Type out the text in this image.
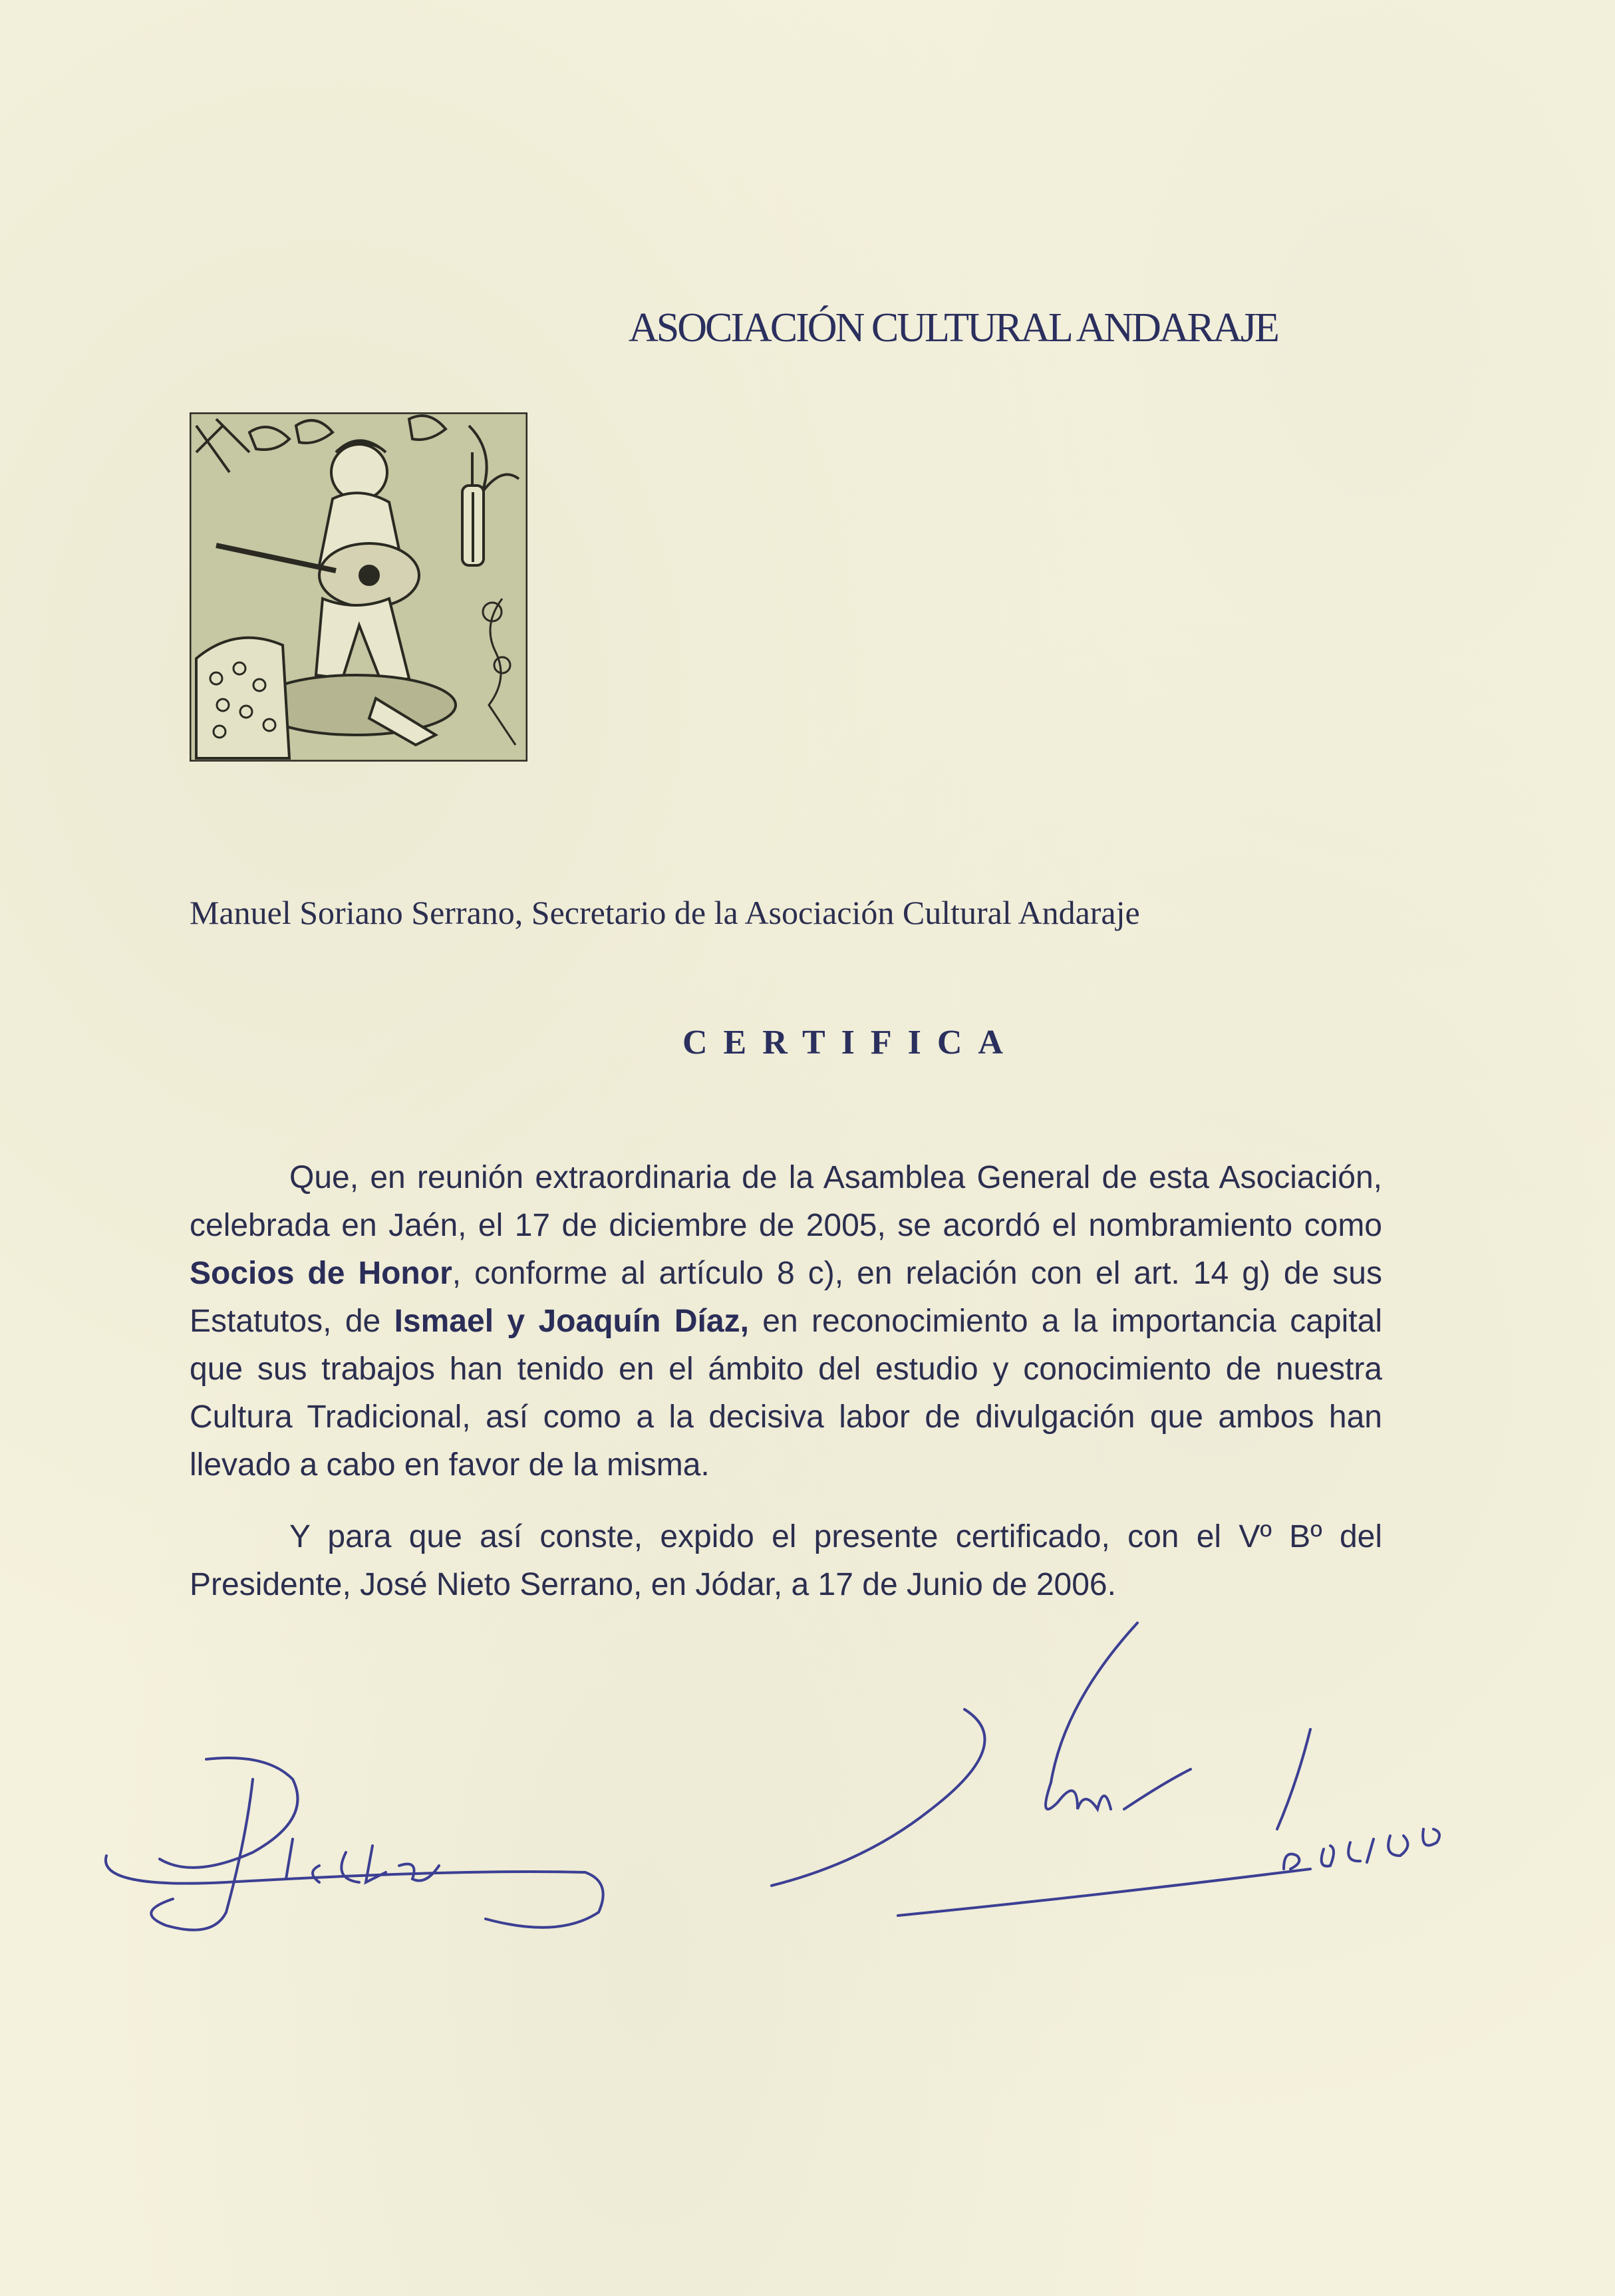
ASOCIACIÓN CULTURAL ANDARAJE
Manuel Soriano Serrano, Secretario de la Asociación Cultural Andaraje
CERTIFICA
Que, en reunión extraordinaria de la Asamblea General de esta Asociación, celebrada en Jaén, el 17 de diciembre de 2005, se acordó el nombramiento como Socios de Honor, conforme al artículo 8 c), en relación con el art. 14 g) de sus Estatutos, de Ismael y Joaquín Díaz, en reconocimiento a la importancia capital que sus trabajos han tenido en el ámbito del estudio y conocimiento de nuestra Cultura Tradicional, así como a la decisiva labor de divulgación que ambos han llevado a cabo en favor de la misma.
Y para que así conste, expido el presente certificado, con el Vº Bº del Presidente, José Nieto Serrano, en Jódar, a 17 de Junio de 2006.
